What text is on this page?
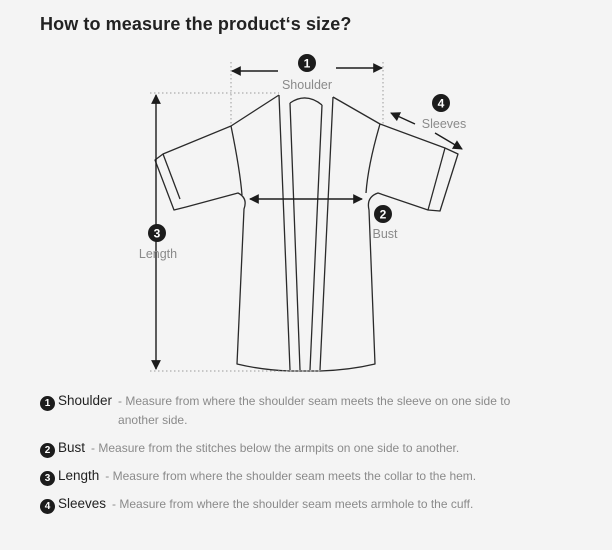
How to measure the product‘s size?
1
Shoulder
4
Sleeves
2
Bust
3
Length
1 Shoulder - Measure from where the shoulder seam meets the sleeve on one side to another side.
2 Bust - Measure from the stitches below the armpits on one side to another.
3 Length - Measure from where the shoulder seam meets the collar to the hem.
4 Sleeves - Measure from where the shoulder seam meets armhole to the cuff.
